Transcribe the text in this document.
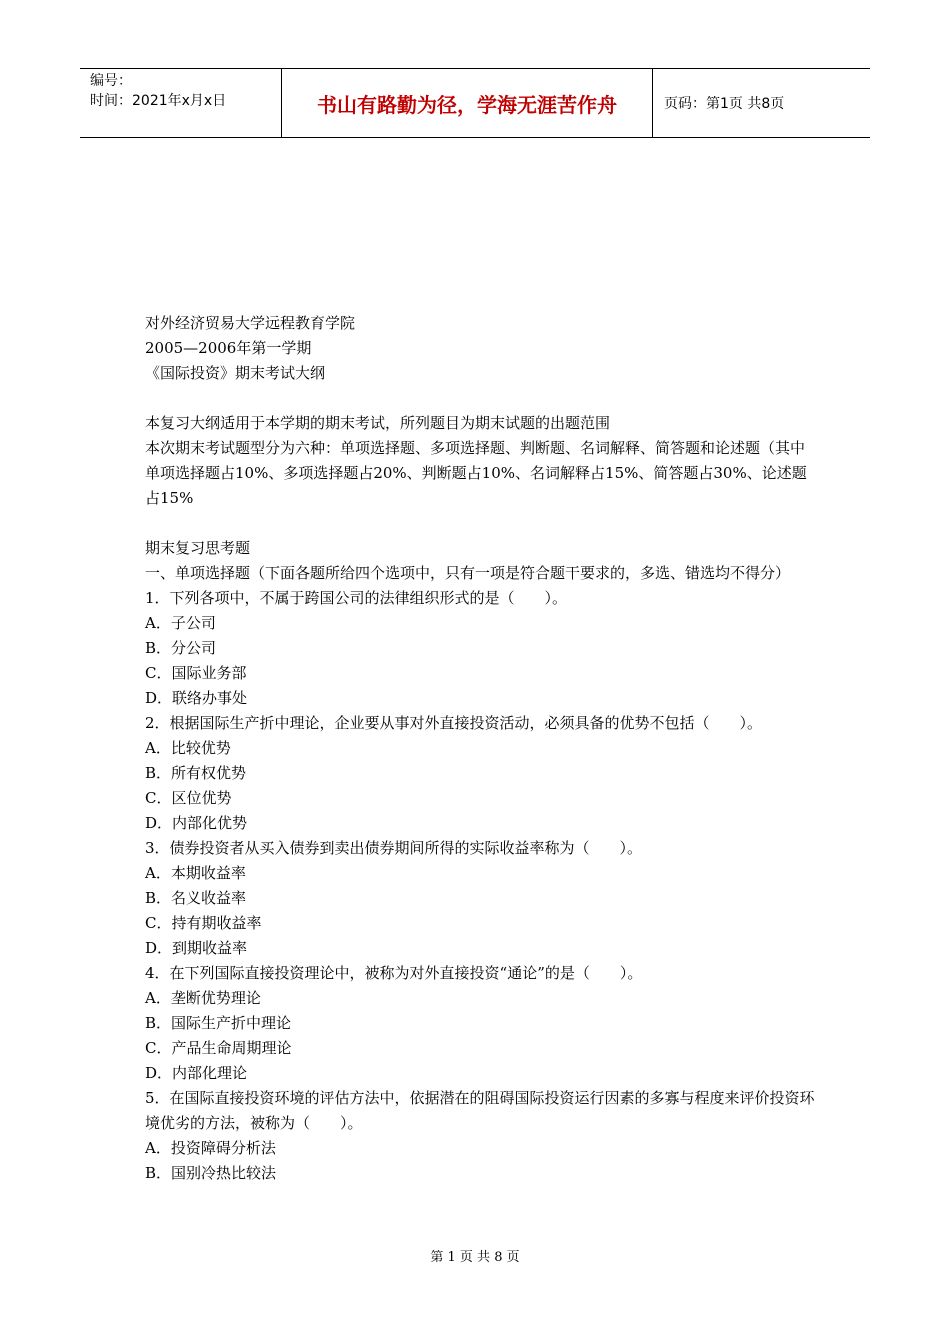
编号：
时间：2021年x月x日	书山有路勤为径，学海无涯苦作舟	页码：第1页 共8页
对外经济贸易大学远程教育学院
2005—2006年第一学期
《国际投资》期末考试大纲
本复习大纲适用于本学期的期末考试，所列题目为期末试题的出题范围
本次期末考试题型分为六种：单项选择题、多项选择题、判断题、名词解释、简答题和论述题（其中单项选择题占10%、多项选择题占20%、判断题占10%、名词解释占15%、简答题占30%、论述题占15%
期末复习思考题
一、单项选择题（下面各题所给四个选项中，只有一项是符合题干要求的，多选、错选均不得分）
1．下列各项中，不属于跨国公司的法律组织形式的是（　　）。
A．子公司
B．分公司
C．国际业务部
D．联络办事处
2．根据国际生产折中理论，企业要从事对外直接投资活动，必须具备的优势不包括（　　）。
A．比较优势
B．所有权优势
C．区位优势
D．内部化优势
3．债券投资者从买入债券到卖出债券期间所得的实际收益率称为（　　）。
A．本期收益率
B．名义收益率
C．持有期收益率
D．到期收益率
4．在下列国际直接投资理论中，被称为对外直接投资“通论”的是（　　）。
A．垄断优势理论
B．国际生产折中理论
C．产品生命周期理论
D．内部化理论
5．在国际直接投资环境的评估方法中，依据潜在的阻碍国际投资运行因素的多寡与程度来评价投资环境优劣的方法，被称为（　　）。
A．投资障碍分析法
B．国别冷热比较法
第 1 页 共 8 页
